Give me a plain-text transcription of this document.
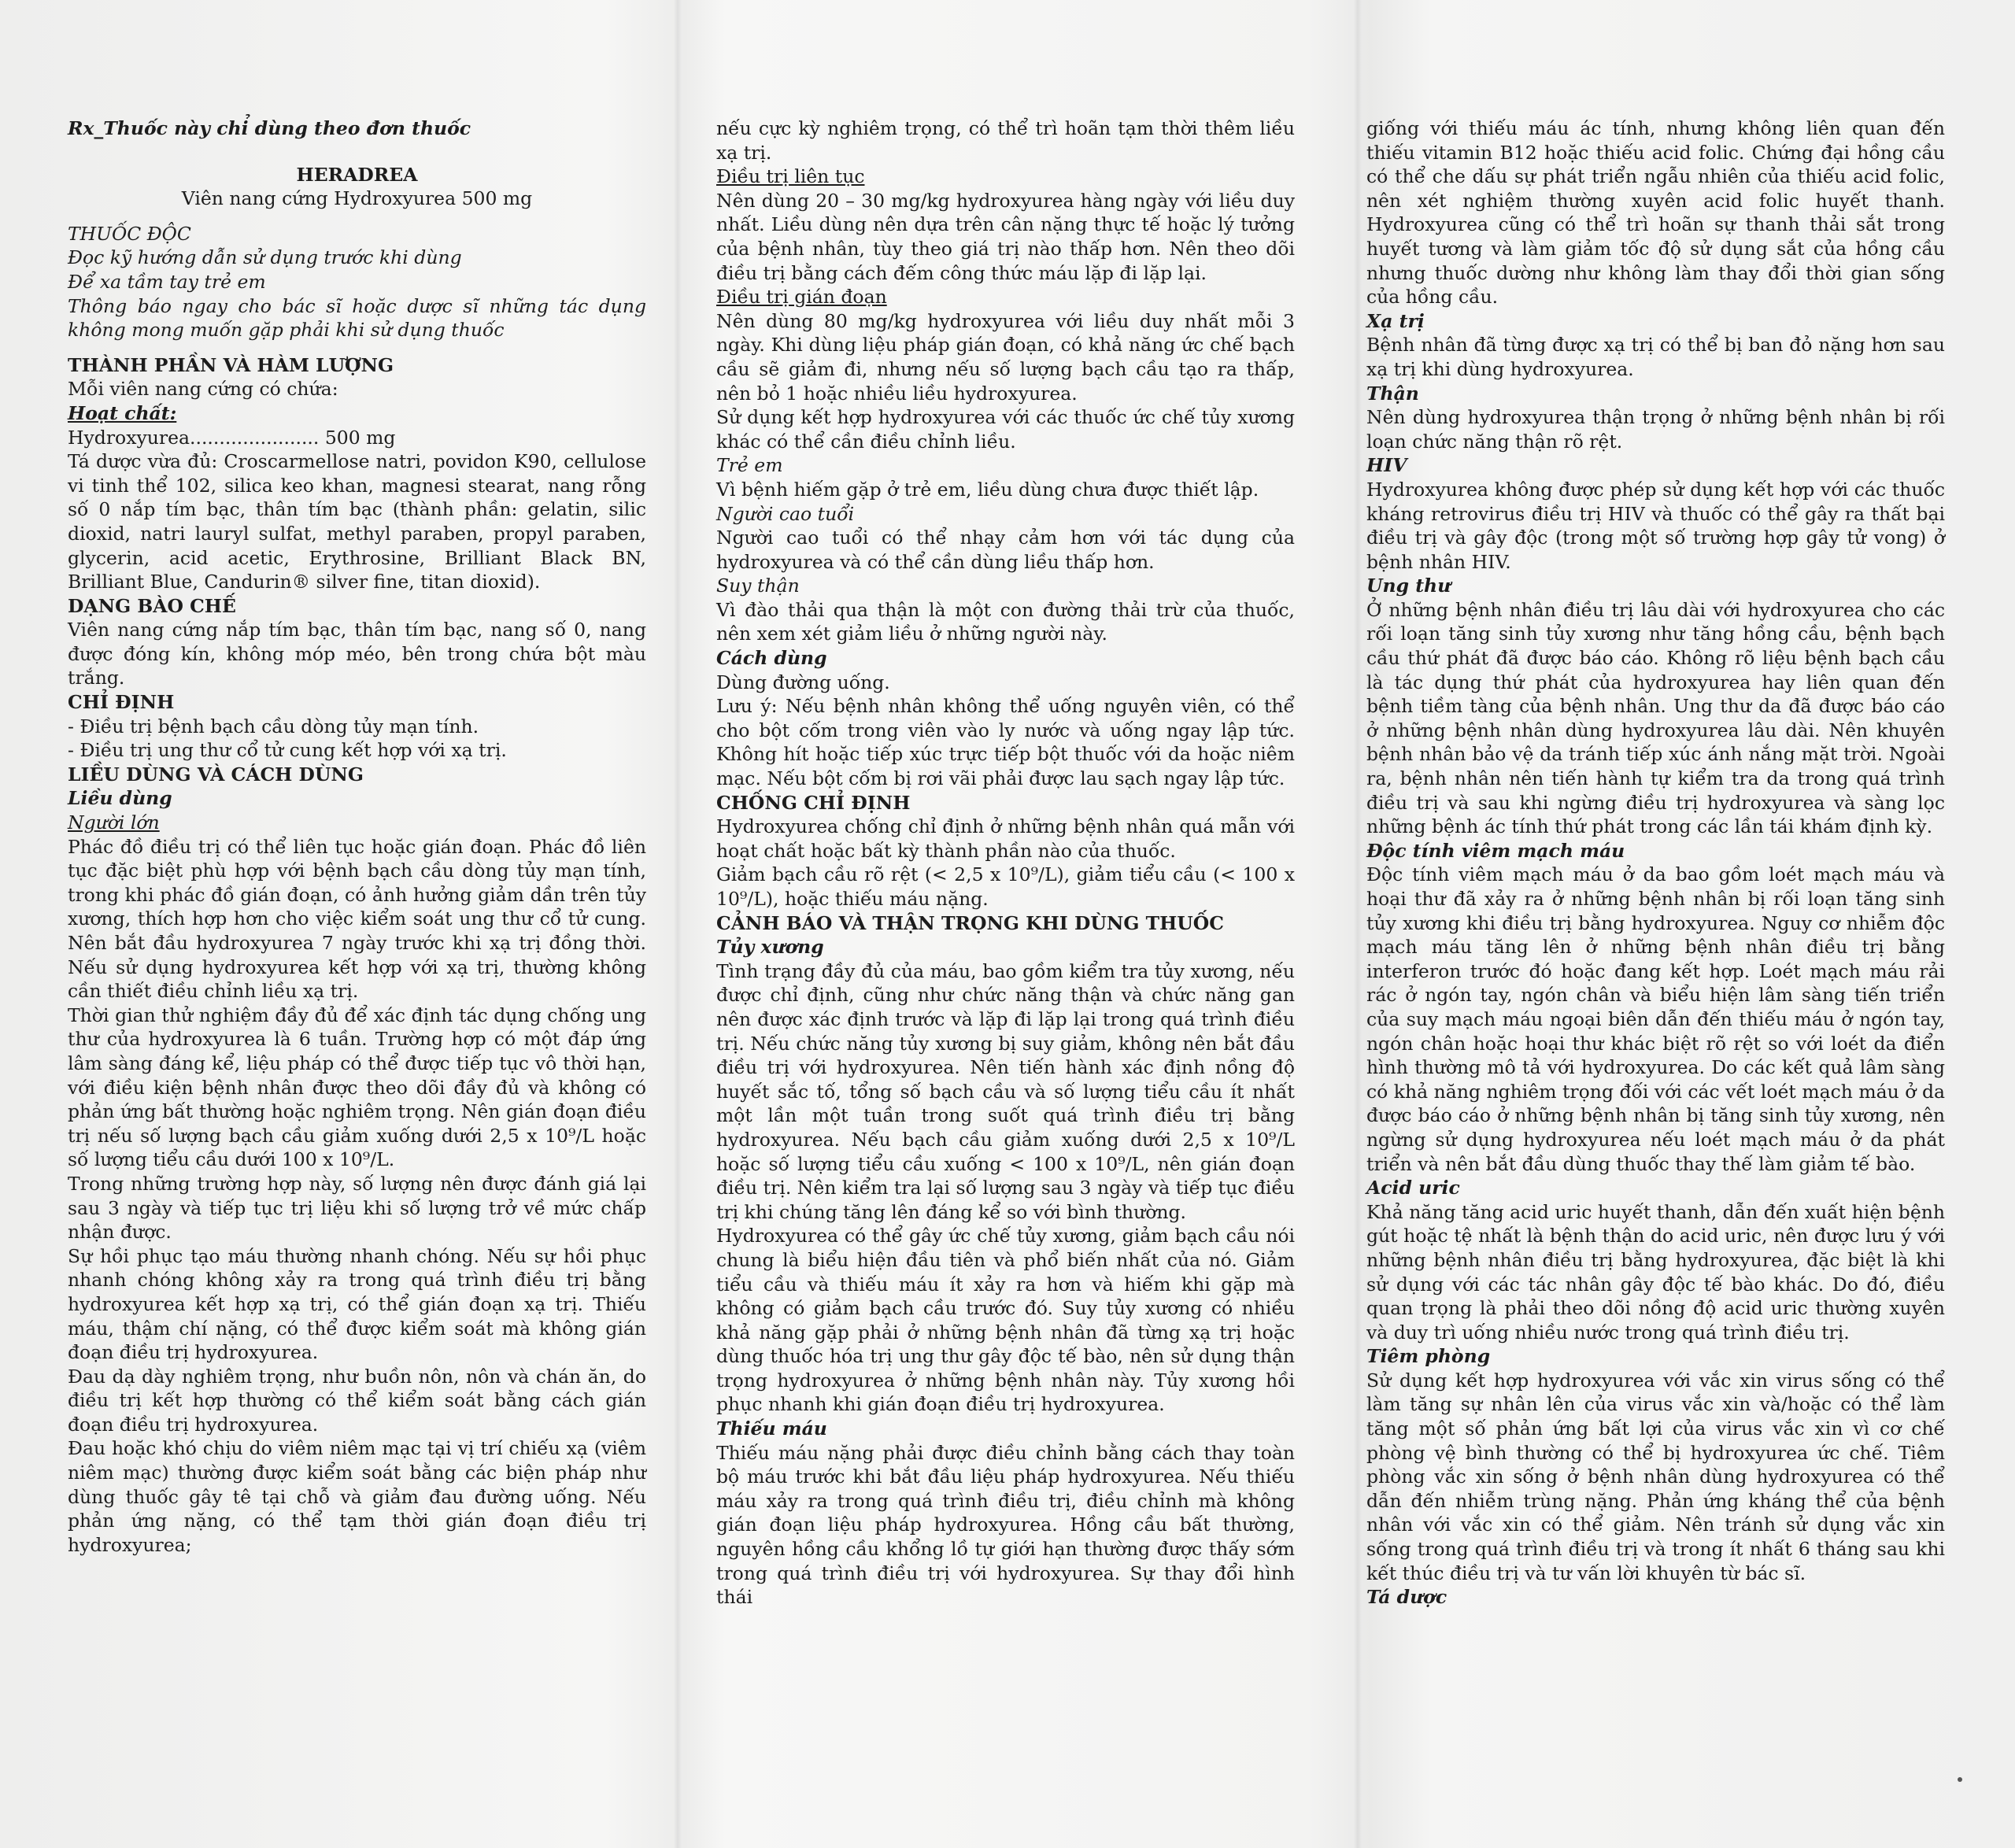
Rx_Thuốc này chỉ dùng theo đơn thuốc

HERADREA

Viên nang cứng Hydroxyurea 500 mg

THUỐC ĐỘC

Đọc kỹ hướng dẫn sử dụng trước khi dùng

Để xa tầm tay trẻ em

Thông báo ngay cho bác sĩ hoặc dược sĩ những tác dụng không mong muốn gặp phải khi sử dụng thuốc

THÀNH PHẦN VÀ HÀM LƯỢNG

Mỗi viên nang cứng có chứa:

Hoạt chất:

Hydroxyurea...................... 500 mg

Tá dược vừa đủ: Croscarmellose natri, povidon K90, cellulose vi tinh thể 102, silica keo khan, magnesi stearat, nang rỗng số 0 nắp tím bạc, thân tím bạc (thành phần: gelatin, silic dioxid, natri lauryl sulfat, methyl paraben, propyl paraben, glycerin, acid acetic, Erythrosine, Brilliant Black BN, Brilliant Blue, Candurin® silver fine, titan dioxid).

DẠNG BÀO CHẾ

Viên nang cứng nắp tím bạc, thân tím bạc, nang số 0, nang được đóng kín, không móp méo, bên trong chứa bột màu trắng.

CHỈ ĐỊNH

- Điều trị bệnh bạch cầu dòng tủy mạn tính.

- Điều trị ung thư cổ tử cung kết hợp với xạ trị.

LIỀU DÙNG VÀ CÁCH DÙNG

Liều dùng

Người lớn

Phác đồ điều trị có thể liên tục hoặc gián đoạn. Phác đồ liên tục đặc biệt phù hợp với bệnh bạch cầu dòng tủy mạn tính, trong khi phác đồ gián đoạn, có ảnh hưởng giảm dần trên tủy xương, thích hợp hơn cho việc kiểm soát ung thư cổ tử cung. Nên bắt đầu hydroxyurea 7 ngày trước khi xạ trị đồng thời. Nếu sử dụng hydroxyurea kết hợp với xạ trị, thường không cần thiết điều chỉnh liều xạ trị.

Thời gian thử nghiệm đầy đủ để xác định tác dụng chống ung thư của hydroxyurea là 6 tuần. Trường hợp có một đáp ứng lâm sàng đáng kể, liệu pháp có thể được tiếp tục vô thời hạn, với điều kiện bệnh nhân được theo dõi đầy đủ và không có phản ứng bất thường hoặc nghiêm trọng. Nên gián đoạn điều trị nếu số lượng bạch cầu giảm xuống dưới 2,5 x 10⁹/L hoặc số lượng tiểu cầu dưới 100 x 10⁹/L.

Trong những trường hợp này, số lượng nên được đánh giá lại sau 3 ngày và tiếp tục trị liệu khi số lượng trở về mức chấp nhận được.

Sự hồi phục tạo máu thường nhanh chóng. Nếu sự hồi phục nhanh chóng không xảy ra trong quá trình điều trị bằng hydroxyurea kết hợp xạ trị, có thể gián đoạn xạ trị. Thiếu máu, thậm chí nặng, có thể được kiểm soát mà không gián đoạn điều trị hydroxyurea.

Đau dạ dày nghiêm trọng, như buồn nôn, nôn và chán ăn, do điều trị kết hợp thường có thể kiểm soát bằng cách gián đoạn điều trị hydroxyurea.

Đau hoặc khó chịu do viêm niêm mạc tại vị trí chiếu xạ (viêm niêm mạc) thường được kiểm soát bằng các biện pháp như dùng thuốc gây tê tại chỗ và giảm đau đường uống. Nếu phản ứng nặng, có thể tạm thời gián đoạn điều trị hydroxyurea;

nếu cực kỳ nghiêm trọng, có thể trì hoãn tạm thời thêm liều xạ trị.

Điều trị liên tục

Nên dùng 20 – 30 mg/kg hydroxyurea hàng ngày với liều duy nhất. Liều dùng nên dựa trên cân nặng thực tế hoặc lý tưởng của bệnh nhân, tùy theo giá trị nào thấp hơn. Nên theo dõi điều trị bằng cách đếm công thức máu lặp đi lặp lại.

Điều trị gián đoạn

Nên dùng 80 mg/kg hydroxyurea với liều duy nhất mỗi 3 ngày. Khi dùng liệu pháp gián đoạn, có khả năng ức chế bạch cầu sẽ giảm đi, nhưng nếu số lượng bạch cầu tạo ra thấp, nên bỏ 1 hoặc nhiều liều hydroxyurea.

Sử dụng kết hợp hydroxyurea với các thuốc ức chế tủy xương khác có thể cần điều chỉnh liều.

Trẻ em

Vì bệnh hiếm gặp ở trẻ em, liều dùng chưa được thiết lập.

Người cao tuổi

Người cao tuổi có thể nhạy cảm hơn với tác dụng của hydroxyurea và có thể cần dùng liều thấp hơn.

Suy thận

Vì đào thải qua thận là một con đường thải trừ của thuốc, nên xem xét giảm liều ở những người này.

Cách dùng

Dùng đường uống.

Lưu ý: Nếu bệnh nhân không thể uống nguyên viên, có thể cho bột cốm trong viên vào ly nước và uống ngay lập tức. Không hít hoặc tiếp xúc trực tiếp bột thuốc với da hoặc niêm mạc. Nếu bột cốm bị rơi vãi phải được lau sạch ngay lập tức.

CHỐNG CHỈ ĐỊNH

Hydroxyurea chống chỉ định ở những bệnh nhân quá mẫn với hoạt chất hoặc bất kỳ thành phần nào của thuốc.

Giảm bạch cầu rõ rệt (< 2,5 x 10⁹/L), giảm tiểu cầu (< 100 x 10⁹/L), hoặc thiếu máu nặng.

CẢNH BÁO VÀ THẬN TRỌNG KHI DÙNG THUỐC

Tủy xương

Tình trạng đầy đủ của máu, bao gồm kiểm tra tủy xương, nếu được chỉ định, cũng như chức năng thận và chức năng gan nên được xác định trước và lặp đi lặp lại trong quá trình điều trị. Nếu chức năng tủy xương bị suy giảm, không nên bắt đầu điều trị với hydroxyurea. Nên tiến hành xác định nồng độ huyết sắc tố, tổng số bạch cầu và số lượng tiểu cầu ít nhất một lần một tuần trong suốt quá trình điều trị bằng hydroxyurea. Nếu bạch cầu giảm xuống dưới 2,5 x 10⁹/L hoặc số lượng tiểu cầu xuống < 100 x 10⁹/L, nên gián đoạn điều trị. Nên kiểm tra lại số lượng sau 3 ngày và tiếp tục điều trị khi chúng tăng lên đáng kể so với bình thường.

Hydroxyurea có thể gây ức chế tủy xương, giảm bạch cầu nói chung là biểu hiện đầu tiên và phổ biến nhất của nó. Giảm tiểu cầu và thiếu máu ít xảy ra hơn và hiếm khi gặp mà không có giảm bạch cầu trước đó. Suy tủy xương có nhiều khả năng gặp phải ở những bệnh nhân đã từng xạ trị hoặc dùng thuốc hóa trị ung thư gây độc tế bào, nên sử dụng thận trọng hydroxyurea ở những bệnh nhân này. Tủy xương hồi phục nhanh khi gián đoạn điều trị hydroxyurea.

Thiếu máu

Thiếu máu nặng phải được điều chỉnh bằng cách thay toàn bộ máu trước khi bắt đầu liệu pháp hydroxyurea. Nếu thiếu máu xảy ra trong quá trình điều trị, điều chỉnh mà không gián đoạn liệu pháp hydroxyurea. Hồng cầu bất thường, nguyên hồng cầu khổng lồ tự giới hạn thường được thấy sớm trong quá trình điều trị với hydroxyurea. Sự thay đổi hình thái

giống với thiếu máu ác tính, nhưng không liên quan đến thiếu vitamin B12 hoặc thiếu acid folic. Chứng đại hồng cầu có thể che dấu sự phát triển ngẫu nhiên của thiếu acid folic, nên xét nghiệm thường xuyên acid folic huyết thanh. Hydroxyurea cũng có thể trì hoãn sự thanh thải sắt trong huyết tương và làm giảm tốc độ sử dụng sắt của hồng cầu nhưng thuốc dường như không làm thay đổi thời gian sống của hồng cầu.

Xạ trị

Bệnh nhân đã từng được xạ trị có thể bị ban đỏ nặng hơn sau xạ trị khi dùng hydroxyurea.

Thận

Nên dùng hydroxyurea thận trọng ở những bệnh nhân bị rối loạn chức năng thận rõ rệt.

HIV

Hydroxyurea không được phép sử dụng kết hợp với các thuốc kháng retrovirus điều trị HIV và thuốc có thể gây ra thất bại điều trị và gây độc (trong một số trường hợp gây tử vong) ở bệnh nhân HIV.

Ung thư

Ở những bệnh nhân điều trị lâu dài với hydroxyurea cho các rối loạn tăng sinh tủy xương như tăng hồng cầu, bệnh bạch cầu thứ phát đã được báo cáo. Không rõ liệu bệnh bạch cầu là tác dụng thứ phát của hydroxyurea hay liên quan đến bệnh tiềm tàng của bệnh nhân. Ung thư da đã được báo cáo ở những bệnh nhân dùng hydroxyurea lâu dài. Nên khuyên bệnh nhân bảo vệ da tránh tiếp xúc ánh nắng mặt trời. Ngoài ra, bệnh nhân nên tiến hành tự kiểm tra da trong quá trình điều trị và sau khi ngừng điều trị hydroxyurea và sàng lọc những bệnh ác tính thứ phát trong các lần tái khám định kỳ.

Độc tính viêm mạch máu

Độc tính viêm mạch máu ở da bao gồm loét mạch máu và hoại thư đã xảy ra ở những bệnh nhân bị rối loạn tăng sinh tủy xương khi điều trị bằng hydroxyurea. Nguy cơ nhiễm độc mạch máu tăng lên ở những bệnh nhân điều trị bằng interferon trước đó hoặc đang kết hợp. Loét mạch máu rải rác ở ngón tay, ngón chân và biểu hiện lâm sàng tiến triển của suy mạch máu ngoại biên dẫn đến thiếu máu ở ngón tay, ngón chân hoặc hoại thư khác biệt rõ rệt so với loét da điển hình thường mô tả với hydroxyurea. Do các kết quả lâm sàng có khả năng nghiêm trọng đối với các vết loét mạch máu ở da được báo cáo ở những bệnh nhân bị tăng sinh tủy xương, nên ngừng sử dụng hydroxyurea nếu loét mạch máu ở da phát triển và nên bắt đầu dùng thuốc thay thế làm giảm tế bào.

Acid uric

Khả năng tăng acid uric huyết thanh, dẫn đến xuất hiện bệnh gút hoặc tệ nhất là bệnh thận do acid uric, nên được lưu ý với những bệnh nhân điều trị bằng hydroxyurea, đặc biệt là khi sử dụng với các tác nhân gây độc tế bào khác. Do đó, điều quan trọng là phải theo dõi nồng độ acid uric thường xuyên và duy trì uống nhiều nước trong quá trình điều trị.

Tiêm phòng

Sử dụng kết hợp hydroxyurea với vắc xin virus sống có thể làm tăng sự nhân lên của virus vắc xin và/hoặc có thể làm tăng một số phản ứng bất lợi của virus vắc xin vì cơ chế phòng vệ bình thường có thể bị hydroxyurea ức chế. Tiêm phòng vắc xin sống ở bệnh nhân dùng hydroxyurea có thể dẫn đến nhiễm trùng nặng. Phản ứng kháng thể của bệnh nhân với vắc xin có thể giảm. Nên tránh sử dụng vắc xin sống trong quá trình điều trị và trong ít nhất 6 tháng sau khi kết thúc điều trị và tư vấn lời khuyên từ bác sĩ.

Tá dược
